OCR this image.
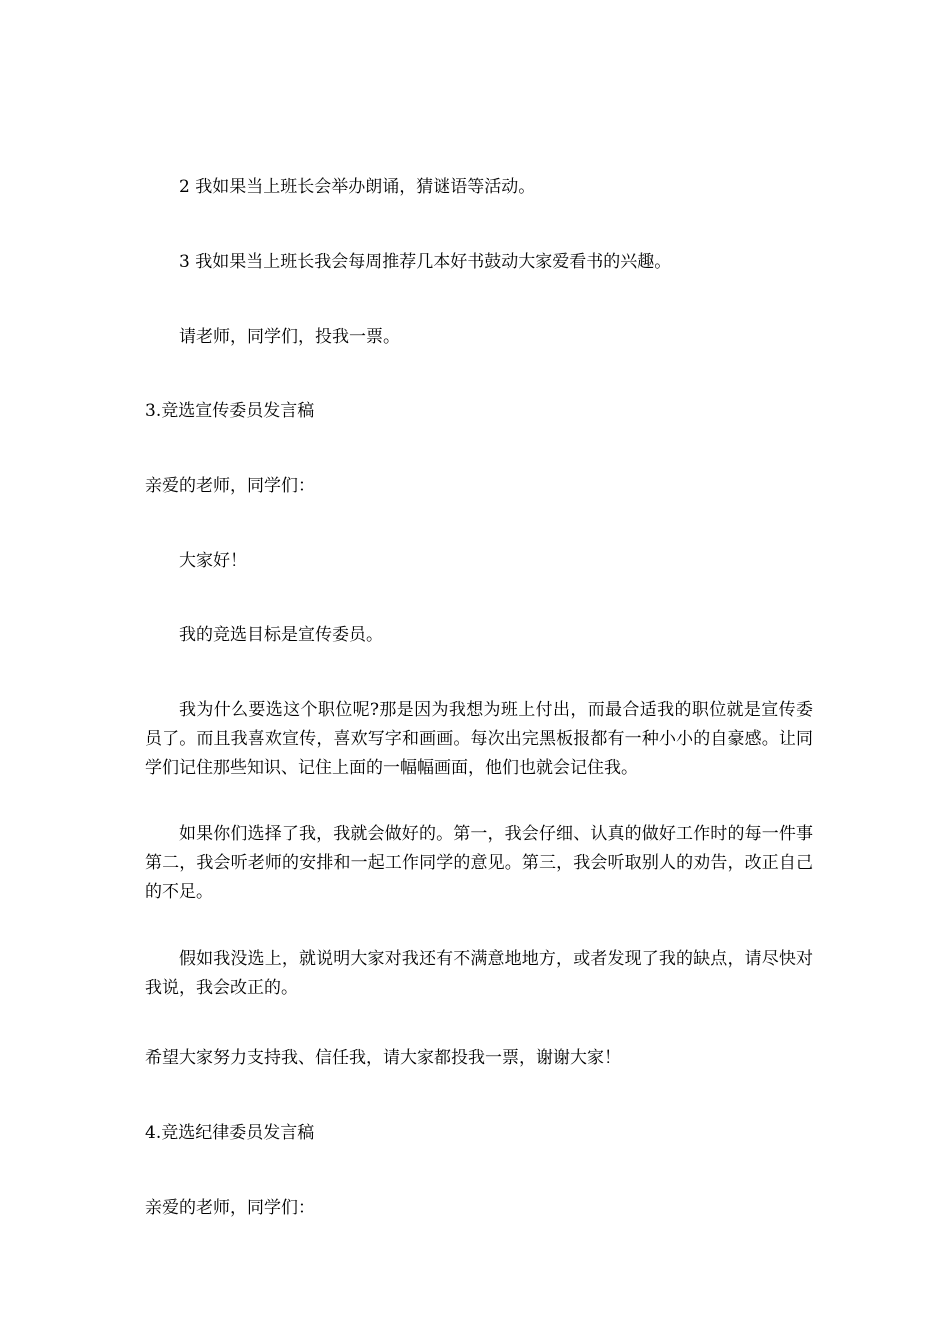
2 我如果当上班长会举办朗诵，猜谜语等活动。

3 我如果当上班长我会每周推荐几本好书鼓动大家爱看书的兴趣。

请老师，同学们，投我一票。

3.竞选宣传委员发言稿

亲爱的老师，同学们：

大家好！

我的竞选目标是宣传委员。

我为什么要选这个职位呢?那是因为我想为班上付出，而最合适我的职位就是宣传委员了。而且我喜欢宣传，喜欢写字和画画。每次出完黑板报都有一种小小的自豪感。让同学们记住那些知识、记住上面的一幅幅画面，他们也就会记住我。

如果你们选择了我，我就会做好的。第一，我会仔细、认真的做好工作时的每一件事第二，我会听老师的安排和一起工作同学的意见。第三，我会听取别人的劝告，改正自己的不足。

假如我没选上，就说明大家对我还有不满意地地方，或者发现了我的缺点，请尽快对我说，我会改正的。

希望大家努力支持我、信任我，请大家都投我一票，谢谢大家！

4.竞选纪律委员发言稿

亲爱的老师，同学们：
